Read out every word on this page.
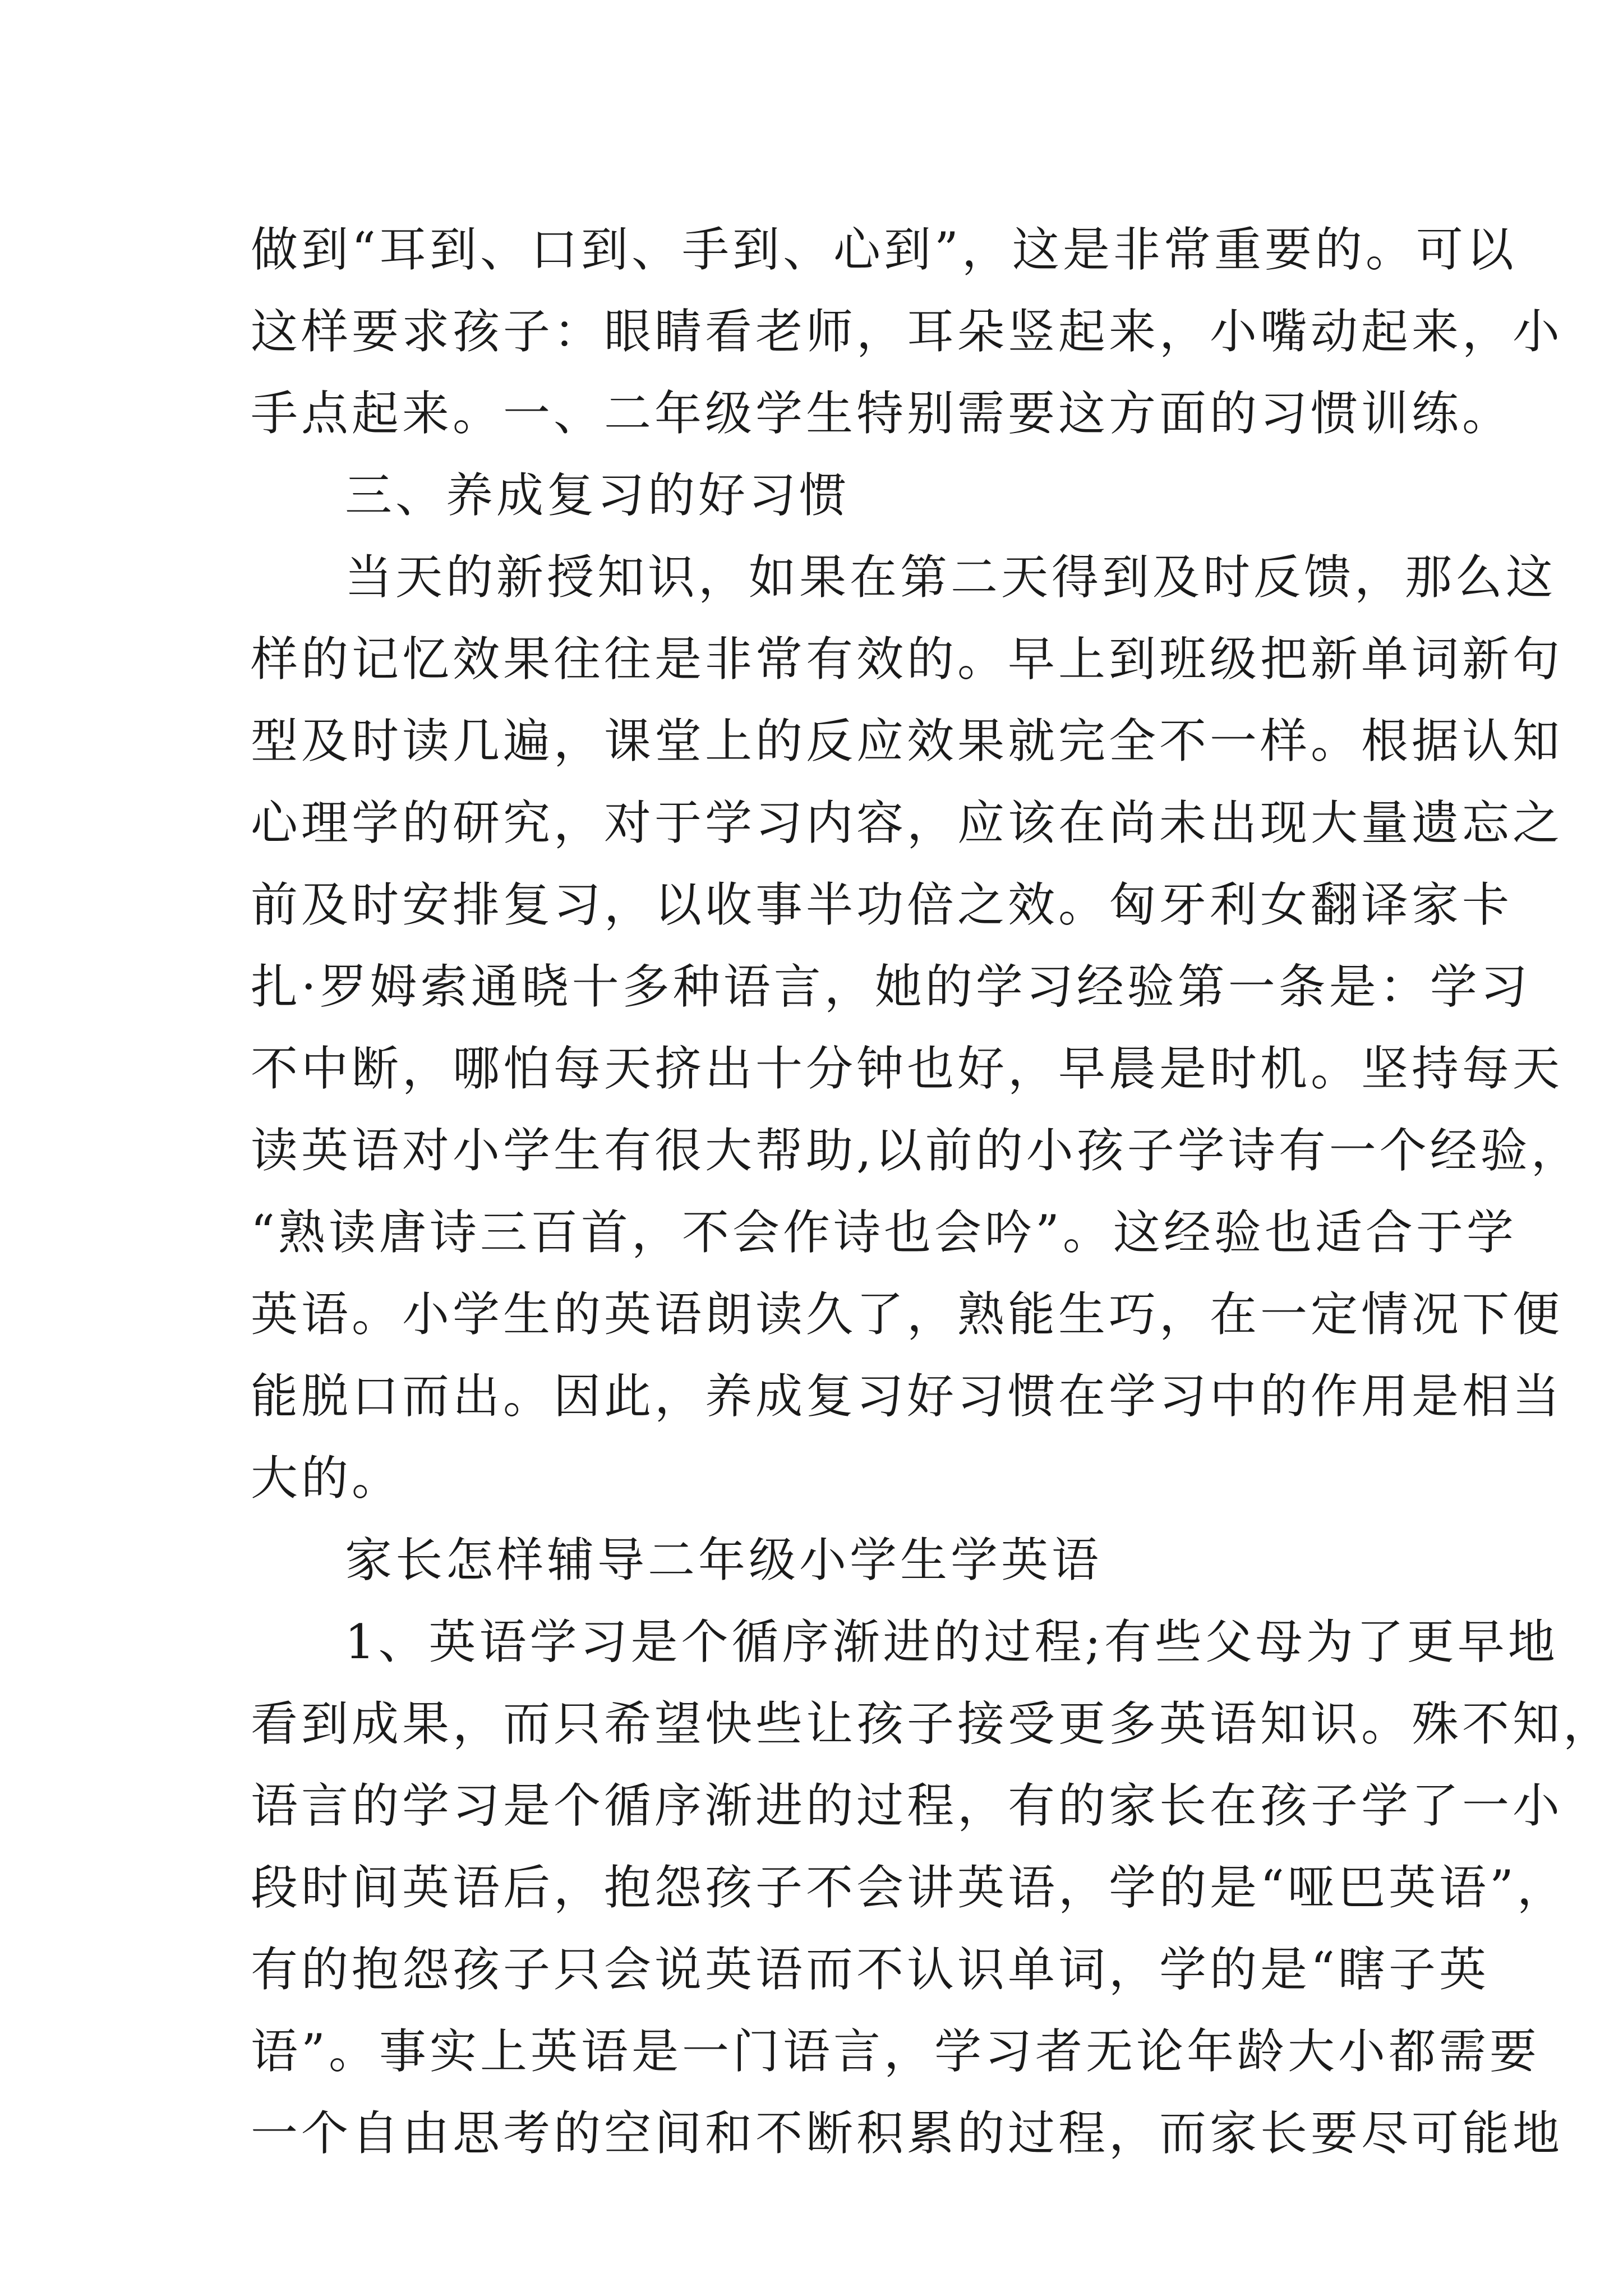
做到“耳到、口到、手到、心到”，这是非常重要的。可以
这样要求孩子：眼睛看老师，耳朵竖起来，小嘴动起来，小
手点起来。一、二年级学生特别需要这方面的习惯训练。
三、养成复习的好习惯
当天的新授知识，如果在第二天得到及时反馈，那么这
样的记忆效果往往是非常有效的。早上到班级把新单词新句
型及时读几遍，课堂上的反应效果就完全不一样。根据认知
心理学的研究，对于学习内容，应该在尚未出现大量遗忘之
前及时安排复习，以收事半功倍之效。匈牙利女翻译家卡
扎·罗姆索通晓十多种语言，她的学习经验第一条是：学习
不中断，哪怕每天挤出十分钟也好，早晨是时机。坚持每天
读英语对小学生有很大帮助,以前的小孩子学诗有一个经验，
“熟读唐诗三百首，不会作诗也会吟”。这经验也适合于学
英语。小学生的英语朗读久了，熟能生巧，在一定情况下便
能脱口而出。因此，养成复习好习惯在学习中的作用是相当
大的。
家长怎样辅导二年级小学生学英语
1、英语学习是个循序渐进的过程;有些父母为了更早地
看到成果，而只希望快些让孩子接受更多英语知识。殊不知，
语言的学习是个循序渐进的过程，有的家长在孩子学了一小
段时间英语后，抱怨孩子不会讲英语，学的是“哑巴英语”，
有的抱怨孩子只会说英语而不认识单词，学的是“瞎子英
语”。事实上英语是一门语言，学习者无论年龄大小都需要
一个自由思考的空间和不断积累的过程，而家长要尽可能地
